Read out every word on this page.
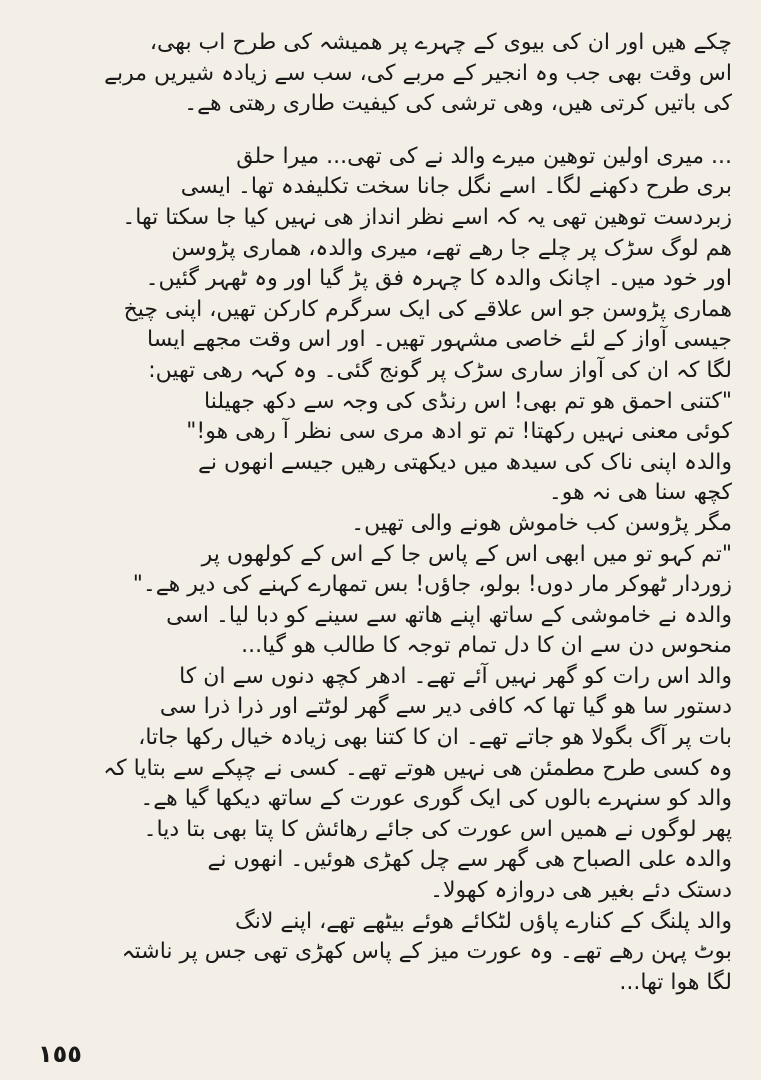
چکے ھیں اور ان کی بیوی کے چہرے پر ھمیشہ کی طرح اب بھی،
اس وقت بھی جب وہ انجیر کے مربے کی، سب سے زیادہ شیریں مربے
کی باتیں کرتی ھیں، وھی ترشی کی کیفیت طاری رھتی ھے۔
... میری اولین توھین میرے والد نے کی تھی... میرا حلق
بری طرح دکھنے لگا۔ اسے نگل جانا سخت تکلیفدہ تھا۔ ایسی
زبردست توھین تھی یہ کہ اسے نظر انداز ھی نہیں کیا جا سکتا تھا۔
ھم لوگ سڑک پر چلے جا رھے تھے، میری والدہ، ھماری پڑوسن
اور خود میں۔ اچانک والدہ کا چہرہ فق پڑ گیا اور وہ ٹھہر گئیں۔
ھماری پڑوسن جو اس علاقے کی ایک سرگرم کارکن تھیں، اپنی چیخ
جیسی آواز کے لئے خاصی مشہور تھیں۔ اور اس وقت مجھے ایسا
لگا کہ ان کی آواز ساری سڑک پر گونج گئی۔ وہ کہہ رھی تھیں:
"کتنی احمق ھو تم بھی! اس رنڈی کی وجہ سے دکھ جھیلنا
کوئی معنی نہیں رکھتا! تم تو ادھ مری سی نظر آ رھی ھو!"
والدہ اپنی ناک کی سیدھ میں دیکھتی رھیں جیسے انھوں نے
کچھ سنا ھی نہ ھو۔
مگر پڑوسن کب خاموش ھونے والی تھیں۔
"تم کہو تو میں ابھی اس کے پاس جا کے اس کے کولھوں پر
زوردار ٹھوکر مار دوں! بولو، جاؤں! بس تمھارے کہنے کی دیر ھے۔"
والدہ نے خاموشی کے ساتھ اپنے ھاتھ سے سینے کو دبا لیا۔ اسی
منحوس دن سے ان کا دل تمام توجہ کا طالب ھو گیا...
والد اس رات کو گھر نہیں آئے تھے۔ ادھر کچھ دنوں سے ان کا
دستور سا ھو گیا تھا کہ کافی دیر سے گھر لوٹتے اور ذرا ذرا سی
بات پر آگ بگولا ھو جاتے تھے۔ ان کا کتنا بھی زیادہ خیال رکھا جاتا،
وہ کسی طرح مطمئن ھی نہیں ھوتے تھے۔ کسی نے چپکے سے بتایا کہ
والد کو سنہرے بالوں کی ایک گوری عورت کے ساتھ دیکھا گیا ھے۔
پھر لوگوں نے ھمیں اس عورت کی جائے رھائش کا پتا بھی بتا دیا۔
والدہ علی الصباح ھی گھر سے چل کھڑی ھوئیں۔ انھوں نے
دستک دئے بغیر ھی دروازہ کھولا۔
والد پلنگ کے کنارے پاؤں لٹکائے ھوئے بیٹھے تھے، اپنے لانگ
بوٹ پہن رھے تھے۔ وہ عورت میز کے پاس کھڑی تھی جس پر ناشتہ
لگا ھوا تھا...
١٥٥
